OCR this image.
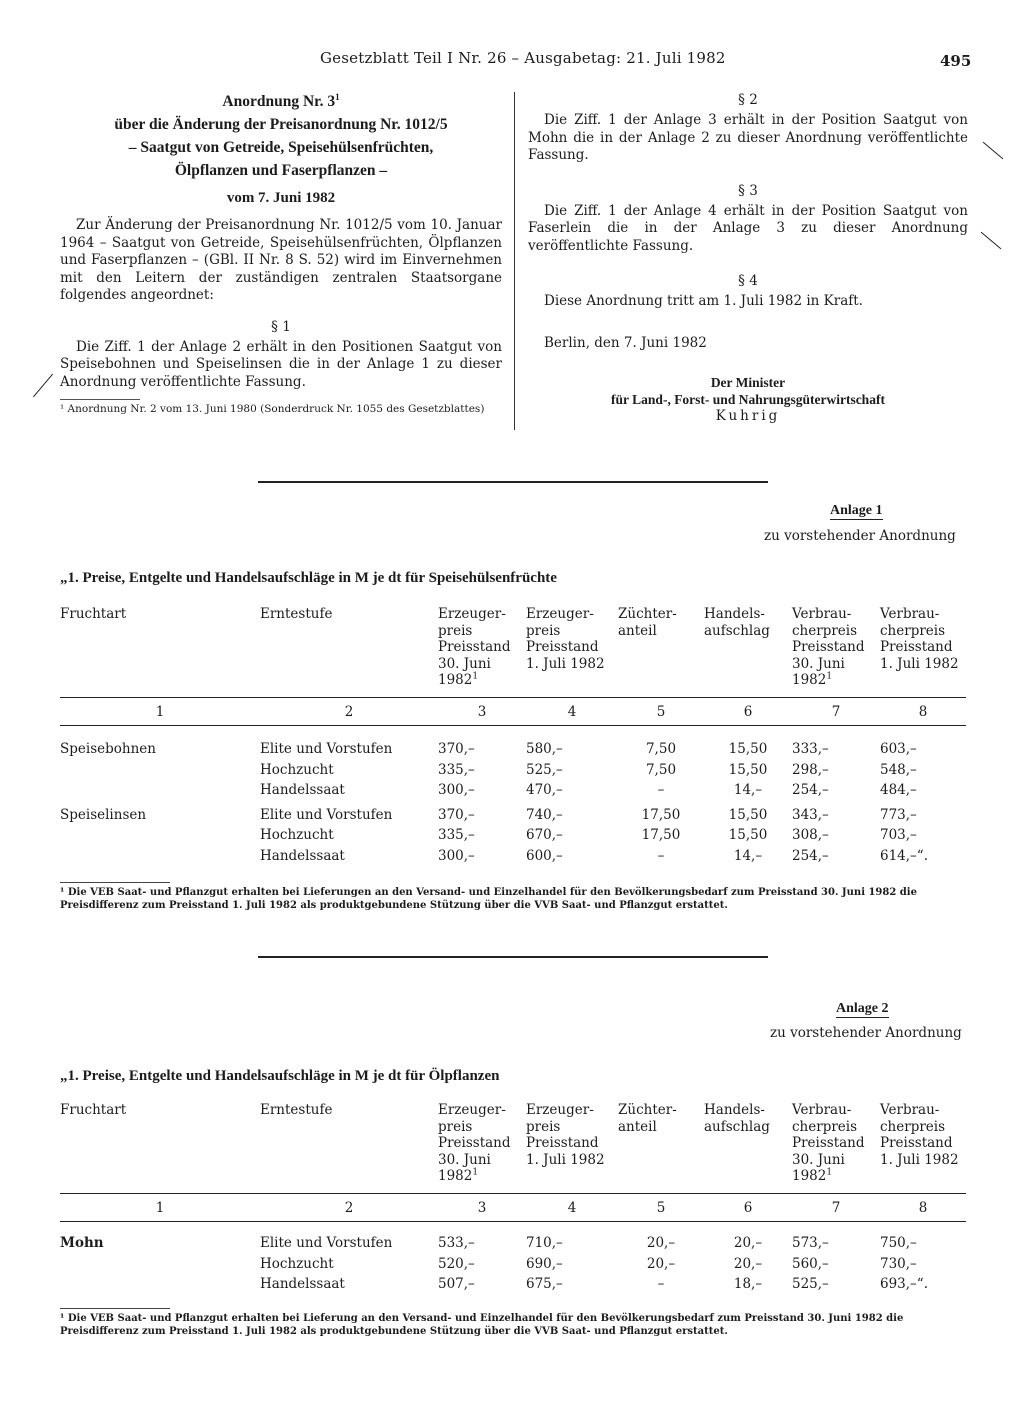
Gesetzblatt Teil I Nr. 26 – Ausgabetag: 21. Juli 1982	495
Anordnung Nr. $3^1$
über die Änderung der Preisanordnung Nr. 1012/5
– Saatgut von Getreide, Speisehülsenfrüchten,
Ölpflanzen und Faserpflanzen –
vom 7. Juni 1982

Zur Änderung der Preisanordnung Nr. 1012/5 vom 10. Januar 1964 – Saatgut von Getreide, Speisehülsenfrüchten, Ölpflanzen und Faserpflanzen – (GBl. II Nr. 8 S. 52) wird im Einvernehmen mit den Leitern der zuständigen zentralen Staatsorgane folgendes angeordnet:

§ 1

Die Ziff. 1 der Anlage 2 erhält in den Positionen Saatgut von Speisebohnen und Speiselinsen die in der Anlage 1 zu dieser Anordnung veröffentlichte Fassung.

¹ Anordnung Nr. 2 vom 13. Juni 1980 (Sonderdruck Nr. 1055 des Gesetzblattes)
§ 2

Die Ziff. 1 der Anlage 3 erhält in der Position Saatgut von Mohn die in der Anlage 2 zu dieser Anordnung veröffentlichte Fassung.

§ 3

Die Ziff. 1 der Anlage 4 erhält in der Position Saatgut von Faserlein die in der Anlage 3 zu dieser Anordnung veröffentlichte Fassung.

§ 4

Diese Anordnung tritt am 1. Juli 1982 in Kraft.

Berlin, den 7. Juni 1982

Der Minister
für Land-, Forst- und Nahrungsgüterwirtschaft
Kuhrig
Anlage 1
zu vorstehender Anordnung
„1. Preise, Entgelte und Handelsaufschläge in M je dt für Speisehülsenfrüchte
Fruchtart	Erntestufe	Erzeuger-
preis
Preisstand
30. Juni
1982$^1$	Erzeuger-
preis
Preisstand
1. Juli 1982	Züchter-
anteil	Handels-
aufschlag	Verbrau-
cherpreis
Preisstand
30. Juni
1982$^1$	Verbrau-
cherpreis
Preisstand
1. Juli 1982
1	2	3	4	5	6	7	8

Speisebohnen	Elite und Vorstufen	370,–	580,–	7,50	15,50	333,–	603,–
	Hochzucht	335,–	525,–	7,50	15,50	298,–	548,–
	Handelssaat	300,–	470,–	–	14,–	254,–	484,–
Speiselinsen	Elite und Vorstufen	370,–	740,–	17,50	15,50	343,–	773,–
	Hochzucht	335,–	670,–	17,50	15,50	308,–	703,–
	Handelssaat	300,–	600,–	–	14,–	254,–	614,–“.
¹ Die VEB Saat- und Pflanzgut erhalten bei Lieferungen an den Versand- und Einzelhandel für den Bevölkerungsbedarf zum Preisstand 30. Juni 1982 die Preisdifferenz zum Preisstand 1. Juli 1982 als produktgebundene Stützung über die VVB Saat- und Pflanzgut erstattet.
Anlage 2
zu vorstehender Anordnung
„1. Preise, Entgelte und Handelsaufschläge in M je dt für Ölpflanzen
Fruchtart	Erntestufe	Erzeuger-
preis
Preisstand
30. Juni
1982$^1$	Erzeuger-
preis
Preisstand
1. Juli 1982	Züchter-
anteil	Handels-
aufschlag	Verbrau-
cherpreis
Preisstand
30. Juni
1982$^1$	Verbrau-
cherpreis
Preisstand
1. Juli 1982
1	2	3	4	5	6	7	8

Mohn	Elite und Vorstufen	533,–	710,–	20,–	20,–	573,–	750,–
	Hochzucht	520,–	690,–	20,–	20,–	560,–	730,–
	Handelssaat	507,–	675,–	–	18,–	525,–	693,–“.
¹ Die VEB Saat- und Pflanzgut erhalten bei Lieferung an den Versand- und Einzelhandel für den Bevölkerungsbedarf zum Preisstand 30. Juni 1982 die Preisdifferenz zum Preisstand 1. Juli 1982 als produktgebundene Stützung über die VVB Saat- und Pflanzgut erstattet.
